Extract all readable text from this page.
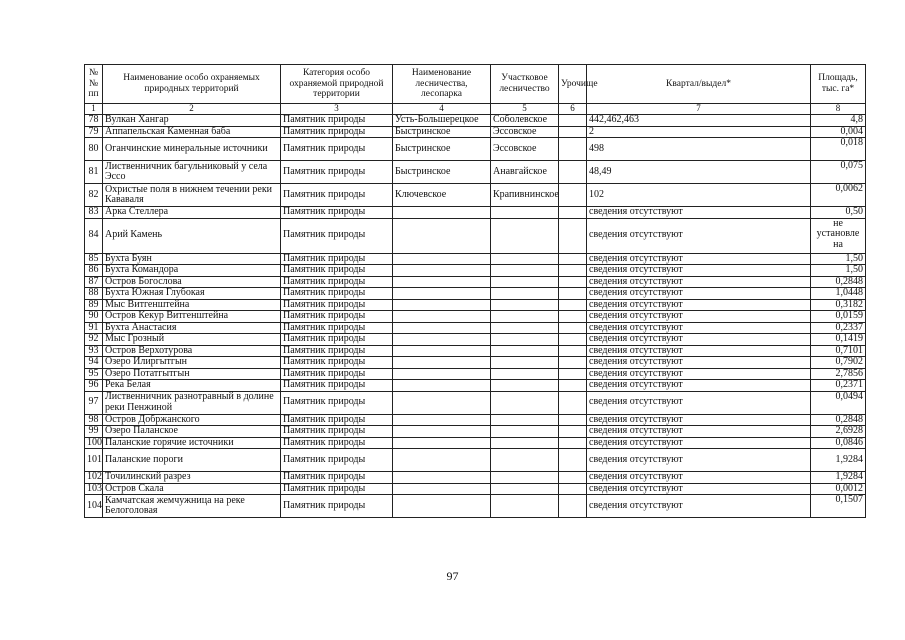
№ № пп	Наименование особо охраняемых природных территорий	Категория особо охраняемой природной территории	Наименование лесничества, лесопарка	Участковое лесничество	Урочище	Квартал/выдел*	Площадь, тыс. га*
1	2	3	4	5	6	7	8
78	Вулкан Хангар	Памятник природы	Усть-Большерецкое	Соболевское		442,462,463	4,8
79	Аппапельская Каменная баба	Памятник природы	Быстринское	Эссовское		2	0,004
80	Оганчинские минеральные источники	Памятник природы	Быстринское	Эссовское		498	0,018
81	Лиственничник багульниковый у села Эссо	Памятник природы	Быстринское	Анавгайское		48,49	0,075
82	Охристые поля в нижнем течении реки Кававаля	Памятник природы	Ключевское	Крапивнинское		102	0,0062
83	Арка Стеллера	Памятник природы				сведения отсутствуют	0,50
84	Арий Камень	Памятник природы				сведения отсутствуют	не установле на
85	Бухта Буян	Памятник природы				сведения отсутствуют	1,50
86	Бухта Командора	Памятник природы				сведения отсутствуют	1,50
87	Остров Богослова	Памятник природы				сведения отсутствуют	0,2848
88	Бухта Южная Глубокая	Памятник природы				сведения отсутствуют	1,0448
89	Мыс Витгенштейна	Памятник природы				сведения отсутствуют	0,3182
90	Остров Кекур Витгенштейна	Памятник природы				сведения отсутствуют	0,0159
91	Бухта Анастасия	Памятник природы				сведения отсутствуют	0,2337
92	Мыс Грозный	Памятник природы				сведения отсутствуют	0,1419
93	Остров Верхотурова	Памятник природы				сведения отсутствуют	0,7101
94	Озеро Илиргытгын	Памятник природы				сведения отсутствуют	0,7902
95	Озеро Потатгытгын	Памятник природы				сведения отсутствуют	2,7856
96	Река Белая	Памятник природы				сведения отсутствуют	0,2371
97	Лиственничник разнотравный в долине реки Пенжиной	Памятник природы				сведения отсутствуют	0,0494
98	Остров Добржанского	Памятник природы				сведения отсутствуют	0,2848
99	Озеро Паланское	Памятник природы				сведения отсутствуют	2,6928
100	Паланские горячие источники	Памятник природы				сведения отсутствуют	0,0846
101	Паланские пороги	Памятник природы				сведения отсутствуют	1,9284
102	Точилинский разрез	Памятник природы				сведения отсутствуют	1,9284
103	Остров Скала	Памятник природы				сведения отсутствуют	0,0012
104	Камчатская жемчужница на реке Белоголовая	Памятник природы				сведения отсутствуют	0,1507
97
